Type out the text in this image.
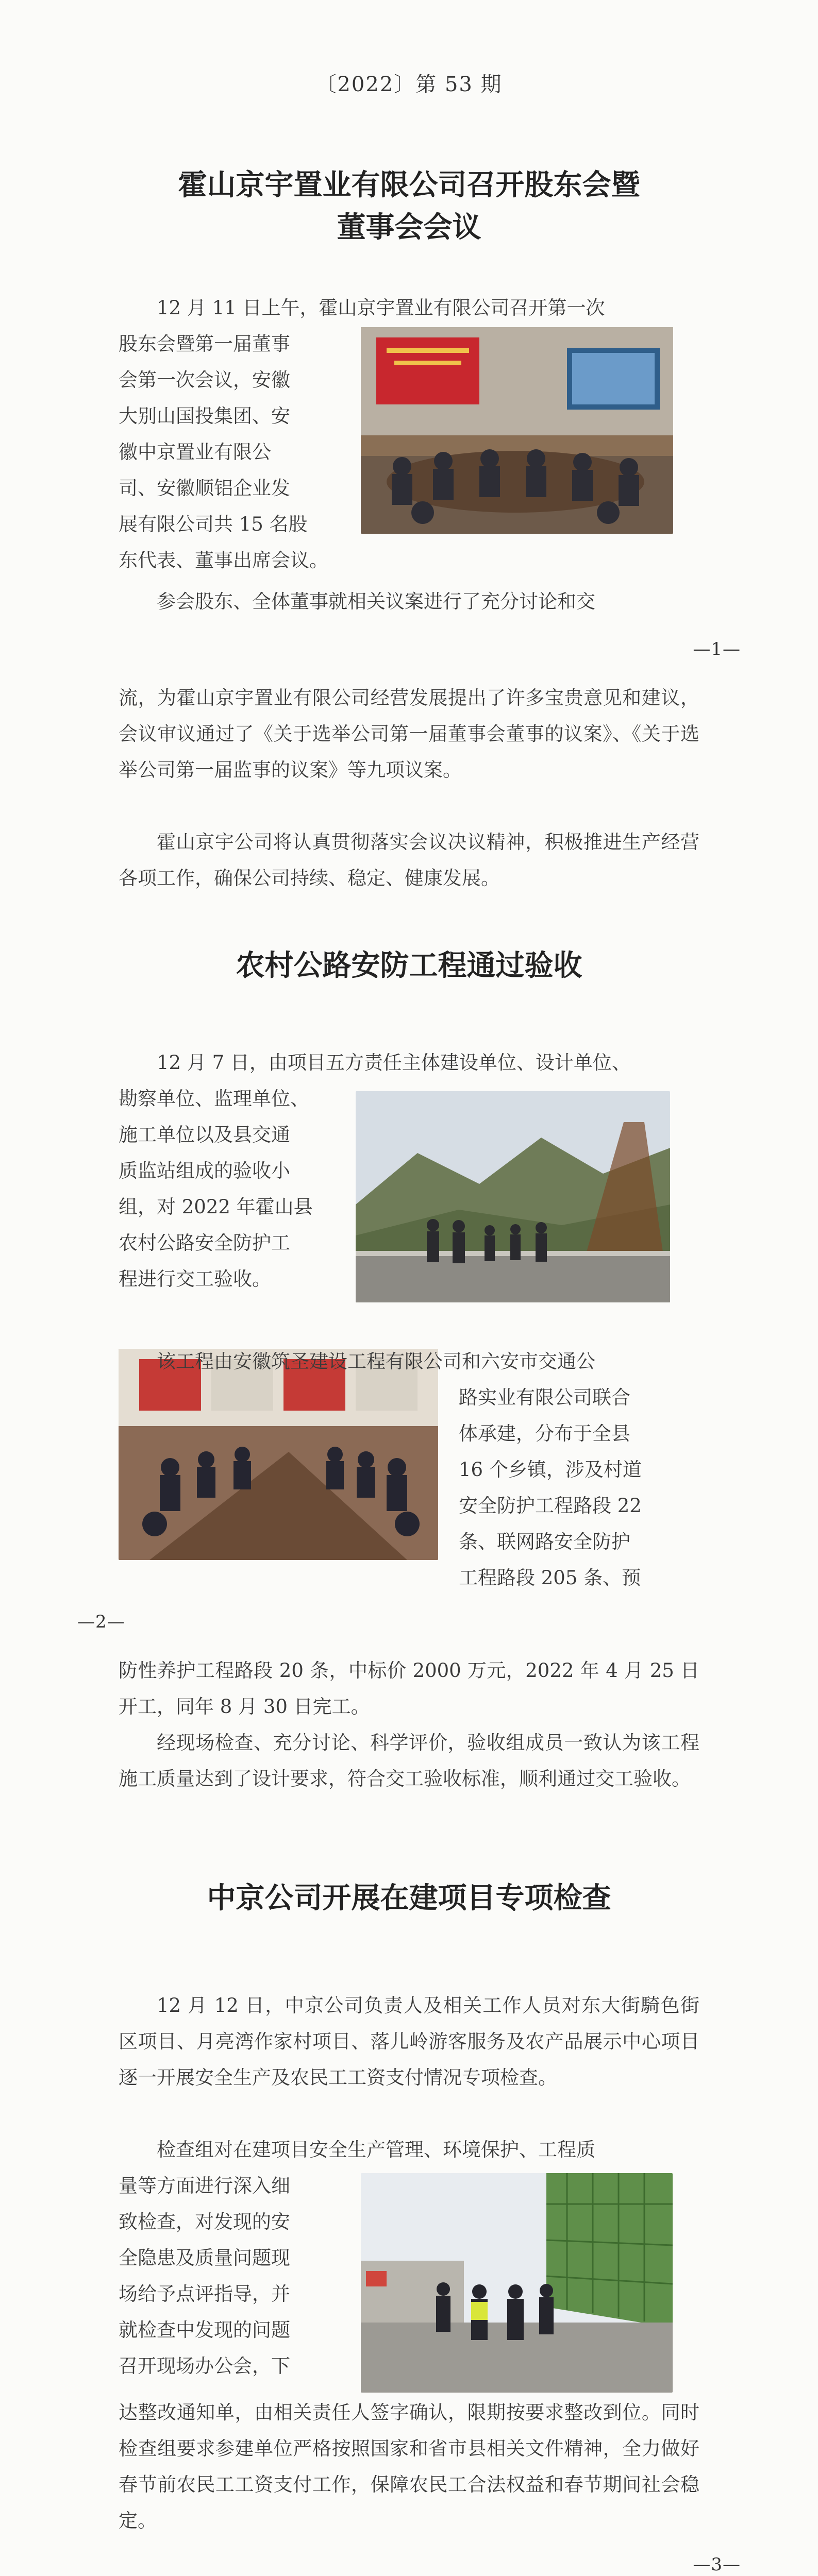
〔2022〕第 53 期
霍山京宇置业有限公司召开股东会暨
董事会会议
12 月 11 日上午，霍山京宇置业有限公司召开第一次
股东会暨第一届董事
会第一次会议，安徽
大别山国投集团、安
徽中京置业有限公
司、安徽顺铝企业发
展有限公司共 15 名股
东代表、董事出席会议。
参会股东、全体董事就相关议案进行了充分讨论和交
—1—
流，为霍山京宇置业有限公司经营发展提出了许多宝贵意见和建议，会议审议通过了《关于选举公司第一届董事会董事的议案》、《关于选举公司第一届监事的议案》等九项议案。
霍山京宇公司将认真贯彻落实会议决议精神，积极推进生产经营各项工作，确保公司持续、稳定、健康发展。
农村公路安防工程通过验收
12 月 7 日，由项目五方责任主体建设单位、设计单位、
勘察单位、监理单位、
施工单位以及县交通
质监站组成的验收小
组，对 2022 年霍山县
农村公路安全防护工
程进行交工验收。
该工程由安徽筑圣建设工程有限公司和六安市交通公
路实业有限公司联合
体承建，分布于全县
16 个乡镇，涉及村道
安全防护工程路段 22
条、联网路安全防护
工程路段 205 条、预
—2—
防性养护工程路段 20 条，中标价 2000 万元，2022 年 4 月 25 日开工，同年 8 月 30 日完工。
经现场检查、充分讨论、科学评价，验收组成员一致认为该工程施工质量达到了设计要求，符合交工验收标准，顺利通过交工验收。
中京公司开展在建项目专项检查
12 月 12 日，中京公司负责人及相关工作人员对东大街騎色街区项目、月亮湾作家村项目、落儿岭游客服务及农产品展示中心项目逐一开展安全生产及农民工工资支付情况专项检查。
检查组对在建项目安全生产管理、环境保护、工程质
量等方面进行深入细
致检查，对发现的安
全隐患及质量问题现
场给予点评指导，并
就检查中发现的问题
召开现场办公会，下
达整改通知单，由相关责任人签字确认，限期按要求整改到位。同时检查组要求参建单位严格按照国家和省市县相关文件精神，全力做好春节前农民工工资支付工作，保障农民工合法权益和春节期间社会稳定。
—3—
